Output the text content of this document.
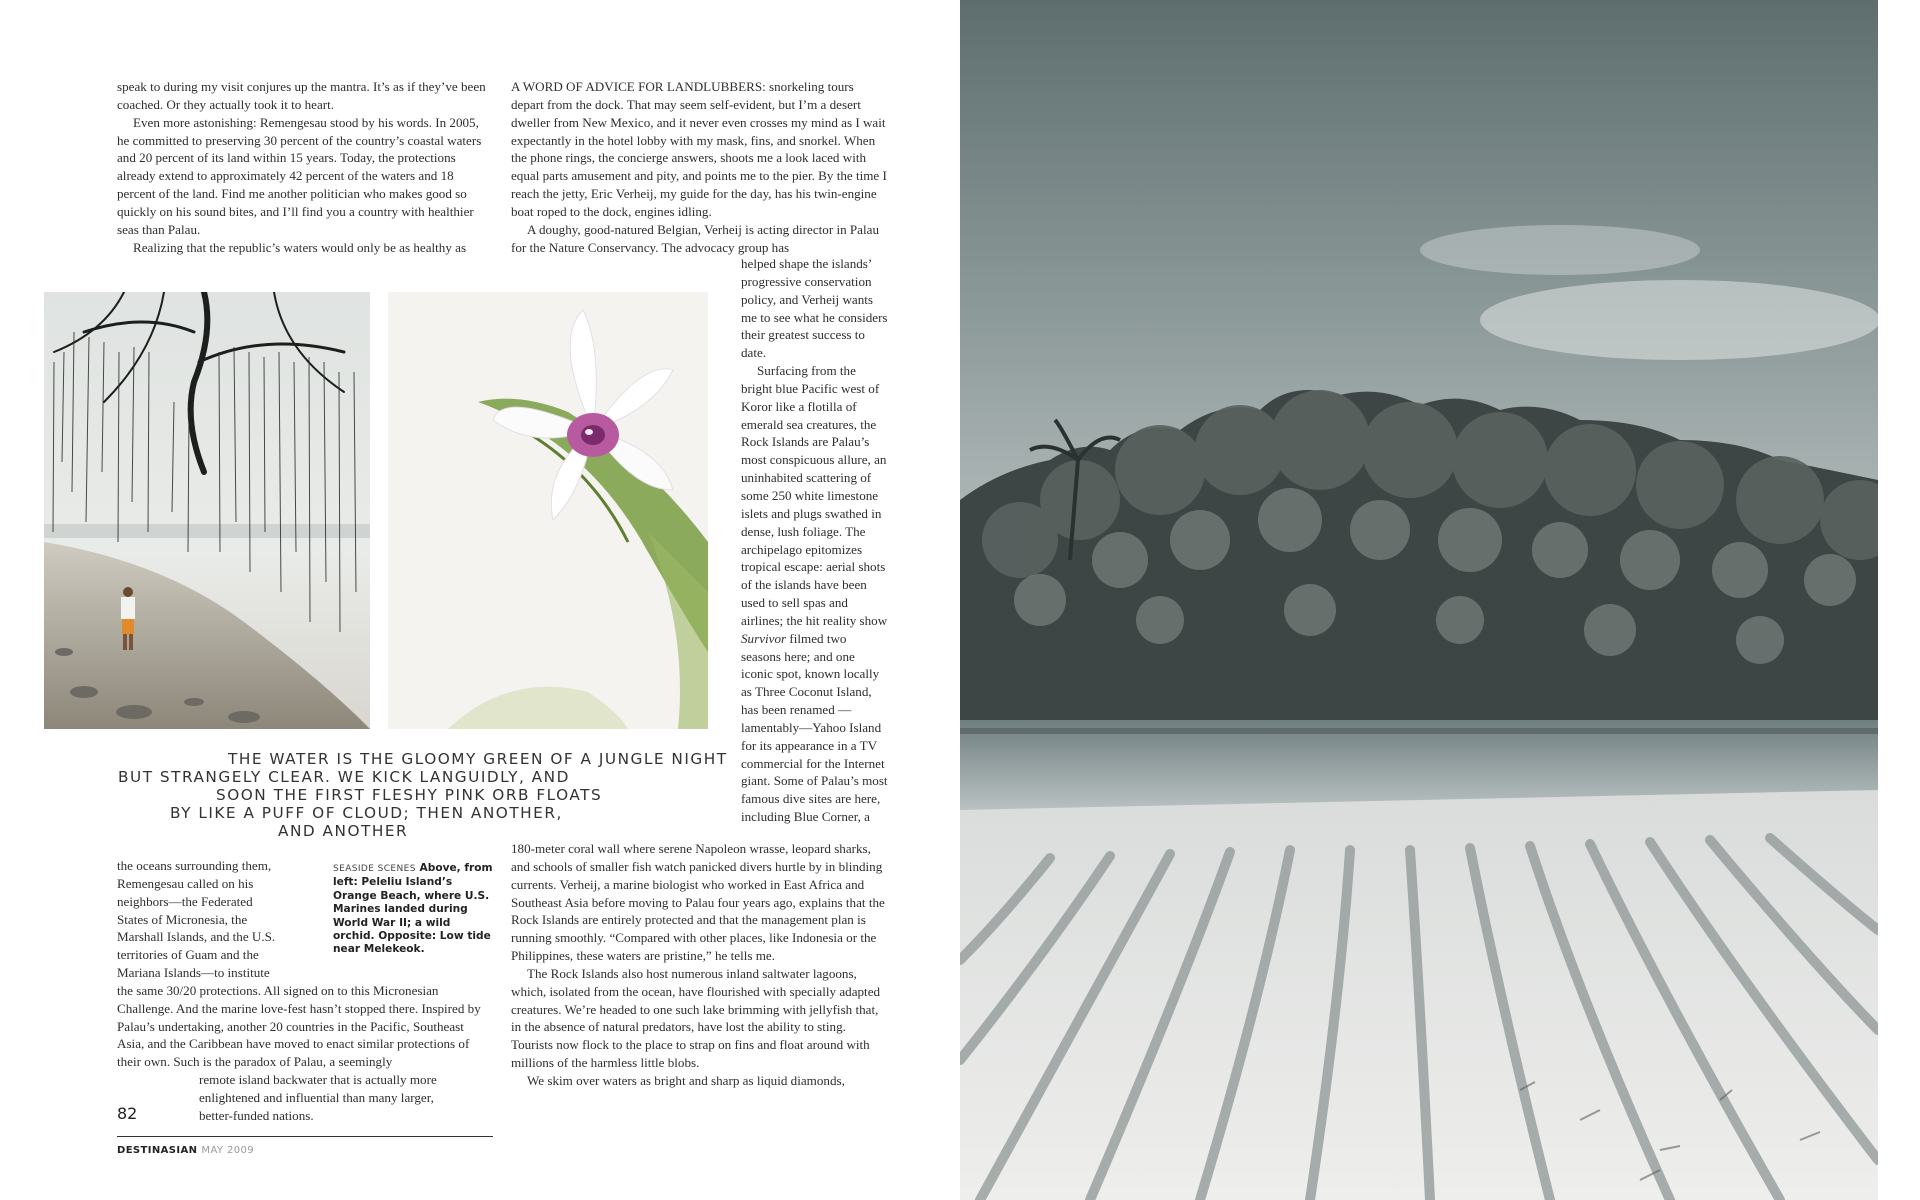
speak to during my visit conjures up the mantra. It’s as if they’ve been coached. Or they actually took it to heart.

Even more astonishing: Remengesau stood by his words. In 2005, he committed to preserving 30 percent of the country’s coastal waters and 20 percent of its land within 15 years. Today, the protections already extend to approximately 42 percent of the waters and 18 percent of the land. Find me another politician who makes good so quickly on his sound bites, and I’ll find you a country with healthier seas than Palau.

Realizing that the republic’s waters would only be as healthy as

A WORD OF ADVICE FOR LANDLUBBERS: snorkeling tours depart from the dock. That may seem self-evident, but I’m a desert dweller from New Mexico, and it never even crosses my mind as I wait expectantly in the hotel lobby with my mask, fins, and snorkel. When the phone rings, the concierge answers, shoots me a look laced with equal parts amusement and pity, and points me to the pier. By the time I reach the jetty, Eric Verheij, my guide for the day, has his twin-engine boat roped to the dock, engines idling.

A doughy, good-natured Belgian, Verheij is acting director in Palau for the Nature Conservancy. The advocacy group has

helped shape the islands’ progressive conservation policy, and Verheij wants me to see what he considers their greatest success to date.

Surfacing from the bright blue Pacific west of Koror like a flotilla of emerald sea creatures, the Rock Islands are Palau’s most conspicuous allure, an uninhabited scattering of some 250 white limestone islets and plugs swathed in dense, lush foliage. The archipelago epitomizes tropical escape: aerial shots of the islands have been used to sell spas and airlines; the hit reality show Survivor filmed two seasons here; and one iconic spot, known locally as Three Coconut Island, has been renamed —lamentably—Yahoo Island for its appearance in a TV commercial for the Internet giant. Some of Palau’s most famous dive sites are here, including Blue Corner, a

180-meter coral wall where serene Napoleon wrasse, leopard sharks, and schools of smaller fish watch panicked divers hurtle by in blinding currents. Verheij, a marine biologist who worked in East Africa and Southeast Asia before moving to Palau four years ago, explains that the Rock Islands are entirely protected and that the management plan is running smoothly. “Compared with other places, like Indonesia or the Philippines, these waters are pristine,” he tells me.

The Rock Islands also host numerous inland saltwater lagoons, which, isolated from the ocean, have flourished with specially adapted creatures. We’re headed to one such lake brimming with jellyfish that, in the absence of natural predators, have lost the ability to sting. Tourists now flock to the place to strap on fins and float around with millions of the harmless little blobs.

We skim over waters as bright and sharp as liquid diamonds,

THE WATER IS THE GLOOMY GREEN OF A JUNGLE NIGHT
BUT STRANGELY CLEAR. WE KICK LANGUIDLY, AND
SOON THE FIRST FLESHY PINK ORB FLOATS
BY LIKE A PUFF OF CLOUD; THEN ANOTHER,
AND ANOTHER

the oceans surrounding them,
Remengesau called on his
neighbors—the Federated
States of Micronesia, the
Marshall Islands, and the U.S.
territories of Guam and the
Mariana Islands—to institute

the same 30/20 protections. All signed on to this Micronesian Challenge. And the marine love-fest hasn’t stopped there. Inspired by Palau’s undertaking, another 20 countries in the Pacific, Southeast Asia, and the Caribbean have moved to enact similar protections of their own. Such is the paradox of Palau, a seemingly

remote island backwater that is actually more
enlightened and influential than many larger,
better-funded nations.

SEASIDE SCENES Above, from left: Peleliu Island’s Orange Beach, where U.S. Marines landed during World War II; a wild orchid. Opposite: Low tide near Melekeok.
82
DESTINASIAN MAY 2009
